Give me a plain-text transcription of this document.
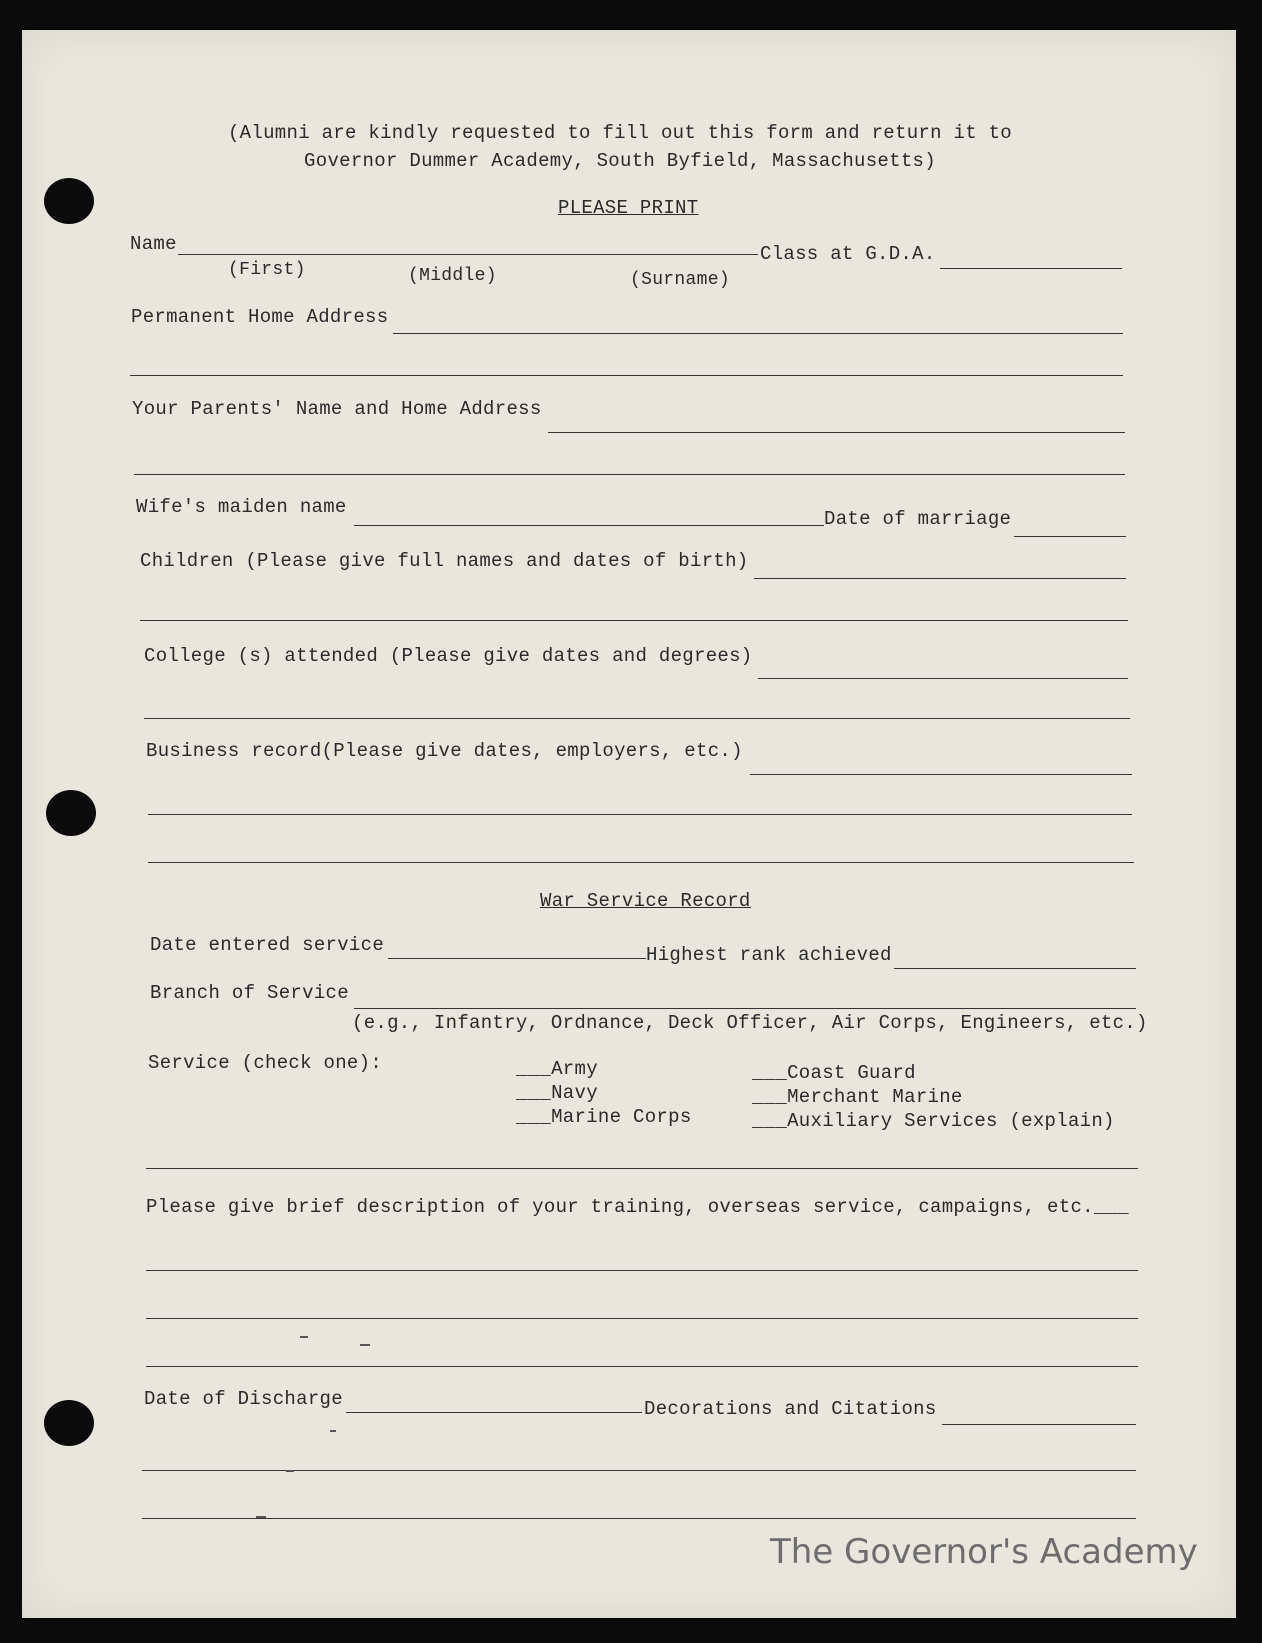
(Alumni are kindly requested to fill out this form and return it to
Governor Dummer Academy, South Byfield, Massachusetts)
PLEASE PRINT
Name
(First)	(Middle)	(Surname)
Class at G.D.A.
Permanent Home Address
Your Parents' Name and Home Address
Wife's maiden name
Date of marriage
Children (Please give full names and dates of birth)
College (s) attended (Please give dates and degrees)
Business record(Please give dates, employers, etc.)
War Service Record
Date entered service	Highest rank achieved
Branch of Service
(e.g., Infantry, Ordnance, Deck Officer, Air Corps, Engineers, etc.)
Service (check one):	___Army
___Navy
___Marine Corps
___Coast Guard
___Merchant Marine
___Auxiliary Services (explain)
Please give brief description of your training, overseas service, campaigns, etc.___
Date of Discharge	Decorations and Citations
The Governor's Academy
